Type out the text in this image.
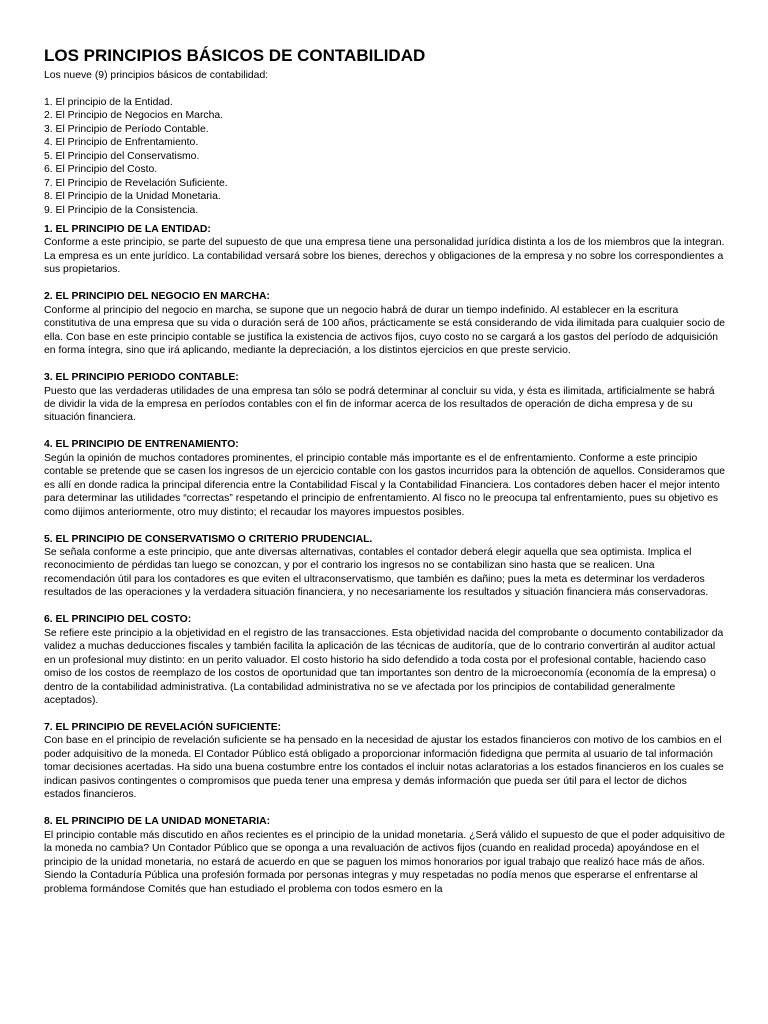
LOS PRINCIPIOS BÁSICOS DE CONTABILIDAD

Los nueve (9) principios básicos de contabilidad:

1. El principio de la Entidad.
2. El Principio de Negocios en Marcha.
3. El Principio de Período Contable.
4. El Principio de Enfrentamiento.
5. El Principio del Conservatismo.
6. El Principio del Costo.
7. El Principio de Revelación Suficiente.
8. El Principio de la Unidad Monetaria.
9. El Principio de la Consistencia.
1. EL PRINCIPIO DE LA ENTIDAD:

Conforme a este principio, se parte del supuesto de que una empresa tiene una personalidad jurídica distinta a los de los miembros que la integran. La empresa es un ente jurídico. La contabilidad versará sobre los bienes, derechos y obligaciones de la empresa y no sobre los correspondientes a sus propietarios.

2. EL PRINCIPIO DEL NEGOCIO EN MARCHA:

Conforme al principio del negocio en marcha, se supone que un negocio habrá de durar un tiempo indefinido. Al establecer en la escritura constitutiva de una empresa que su vida o duración será de 100 años, prácticamente se está considerando de vida ilimitada para cualquier socio de ella. Con base en este principio contable se justifica la existencia de activos fijos, cuyo costo no se cargará a los gastos del período de adquisición en forma íntegra, sino que irá aplicando, mediante la depreciación, a los distintos ejercicios en que preste servicio.

3. EL PRINCIPIO PERIODO CONTABLE:

Puesto que las verdaderas utilidades de una empresa tan sólo se podrá determinar al concluir su vida, y ésta es ilimitada, artificialmente se habrá de dividir la vida de la empresa en períodos contables con el fin de informar acerca de los resultados de operación de dicha empresa y de su situación financiera.

4. EL PRINCIPIO DE ENTRENAMIENTO:

Según la opinión de muchos contadores prominentes, el principio contable más importante es el de enfrentamiento. Conforme a este principio contable se pretende que se casen los ingresos de un ejercicio contable con los gastos incurridos para la obtención de aquellos. Consideramos que es allí en donde radica la principal diferencia entre la Contabilidad Fiscal y la Contabilidad Financiera. Los contadores deben hacer el mejor intento para determinar las utilidades “correctas” respetando el principio de enfrentamiento. Al fisco no le preocupa tal enfrentamiento, pues su objetivo es como dijimos anteriormente, otro muy distinto; el recaudar los mayores impuestos posibles.

5. EL PRINCIPIO DE CONSERVATISMO O CRITERIO PRUDENCIAL.

Se señala conforme a este principio, que ante diversas alternativas, contables el contador deberá elegir aquella que sea optimista. Implica el reconocimiento de pérdidas tan luego se conozcan, y por el contrario los ingresos no se contabilizan sino hasta que se realicen. Una recomendación útil para los contadores es que eviten el ultraconservatismo, que también es dañino; pues la meta es determinar los verdaderos resultados de las operaciones y la verdadera situación financiera, y no necesariamente los resultados y situación financiera más conservadoras.

6. EL PRINCIPIO DEL COSTO:

Se refiere este principio a la objetividad en el registro de las transacciones. Esta objetividad nacida del comprobante o documento contabilizador da validez a muchas deducciones fiscales y también facilita la aplicación de las técnicas de auditoría, que de lo contrario convertirán al auditor actual en un profesional muy distinto: en un perito valuador. El costo historio ha sido defendido a toda costa por el profesional contable, haciendo caso omiso de los costos de reemplazo de los costos de oportunidad que tan importantes son dentro de la microeconomía (economía de la empresa) o dentro de la contabilidad administrativa. (La contabilidad administrativa no se ve afectada por los principios de contabilidad generalmente aceptados).

7. EL PRINCIPIO DE REVELACIÓN SUFICIENTE:

Con base en el principio de revelación suficiente se ha pensado en la necesidad de ajustar los estados financieros con motivo de los cambios en el poder adquisitivo de la moneda. El Contador Público está obligado a proporcionar información fidedigna que permita al usuario de tal información tomar decisiones acertadas. Ha sido una buena costumbre entre los contados el incluir notas aclaratorias a los estados financieros en los cuales se indican pasivos contingentes o compromisos que pueda tener una empresa y demás información que pueda ser útil para el lector de dichos estados financieros.

8. EL PRINCIPIO DE LA UNIDAD MONETARIA:

El principio contable más discutido en años recientes es el principio de la unidad monetaria. ¿Será válido el supuesto de que el poder adquisitivo de la moneda no cambia? Un Contador Público que se oponga a una revaluación de activos fijos (cuando en realidad proceda) apoyándose en el principio de la unidad monetaria, no estará de acuerdo en que se paguen los mimos honorarios por igual trabajo que realizó hace más de años. Siendo la Contaduría Pública una profesión formada por personas integras y muy respetadas no podía menos que esperarse el enfrentarse al problema formándose Comités que han estudiado el problema con todos esmero en la
